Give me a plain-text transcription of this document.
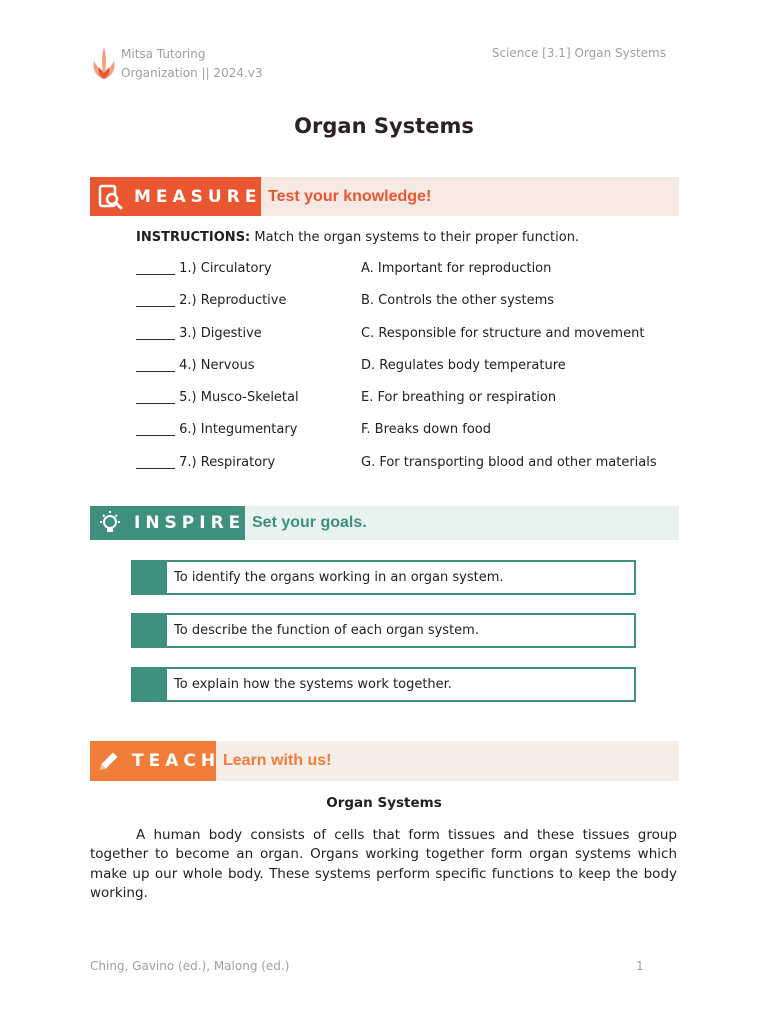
Mitsa Tutoring
Organization || 2024.v3
Science [3.1] Organ Systems
Organ Systems
MEASURE Test your knowledge!
INSTRUCTIONS: Match the organ systems to their proper function.
______ 1.) Circulatory	A. Important for reproduction
______ 2.) Reproductive	B. Controls the other systems
______ 3.) Digestive	C. Responsible for structure and movement
______ 4.) Nervous	D. Regulates body temperature
______ 5.) Musco-Skeletal	E. For breathing or respiration
______ 6.) Integumentary	F. Breaks down food
______ 7.) Respiratory	G. For transporting blood and other materials
INSPIRE Set your goals.
To identify the organs working in an organ system.
To describe the function of each organ system.
To explain how the systems work together.
TEACH Learn with us!
Organ Systems

A human body consists of cells that form tissues and these tissues group together to become an organ. Organs working together form organ systems which make up our whole body. These systems perform specific functions to keep the body working.

Ching, Gavino (ed.), Malong (ed.)	1
